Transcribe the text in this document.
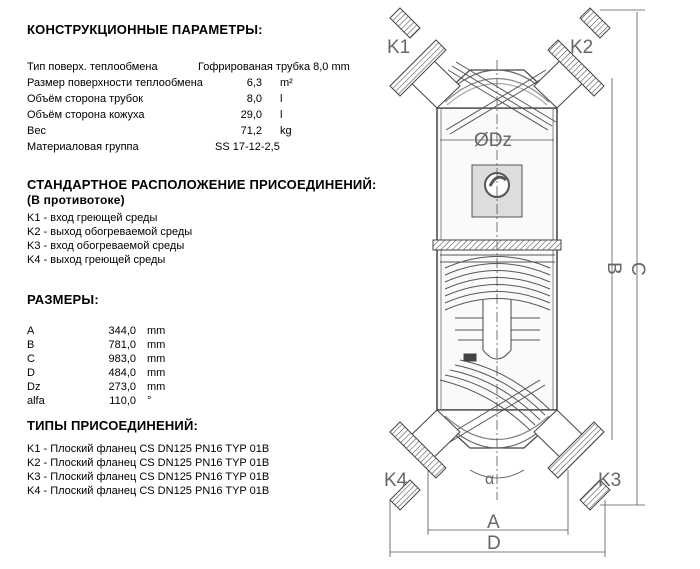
КОНСТРУКЦИОННЫЕ ПАРАМЕТРЫ:
Тип поверх. теплообмена	Гофрированая трубка 8,0 mm
Размер поверхности теплообмена	6,3 m²
Объём сторона трубок	8,0 l
Объём сторона кожуха	29,0 l
Вес	71,2 kg
Материаловая группа	SS 17-12-2,5
СТАНДАРТНОЕ РАСПОЛОЖЕНИЕ ПРИСОЕДИНЕНИЙ:
(В противотоке)
K1 - вход греющей среды
K2 - выход обогреваемой среды
K3 - вход обогреваемой среды
K4 - выход греющей среды
РАЗМЕРЫ:
A	344,0 mm
B	781,0 mm
C	983,0 mm
D	484,0 mm
Dz	273,0 mm
alfa	110,0 °
ТИПЫ ПРИСОЕДИНЕНИЙ:
K1 - Плоский фланец CS DN125 PN16 TYP 01B
K2 - Плоский фланец CS DN125 PN16 TYP 01B
K3 - Плоский фланец CS DN125 PN16 TYP 01B
K4 - Плоский фланец CS DN125 PN16 TYP 01B
K1	K2
K4	K3
ØDz
A
D
α
B C
